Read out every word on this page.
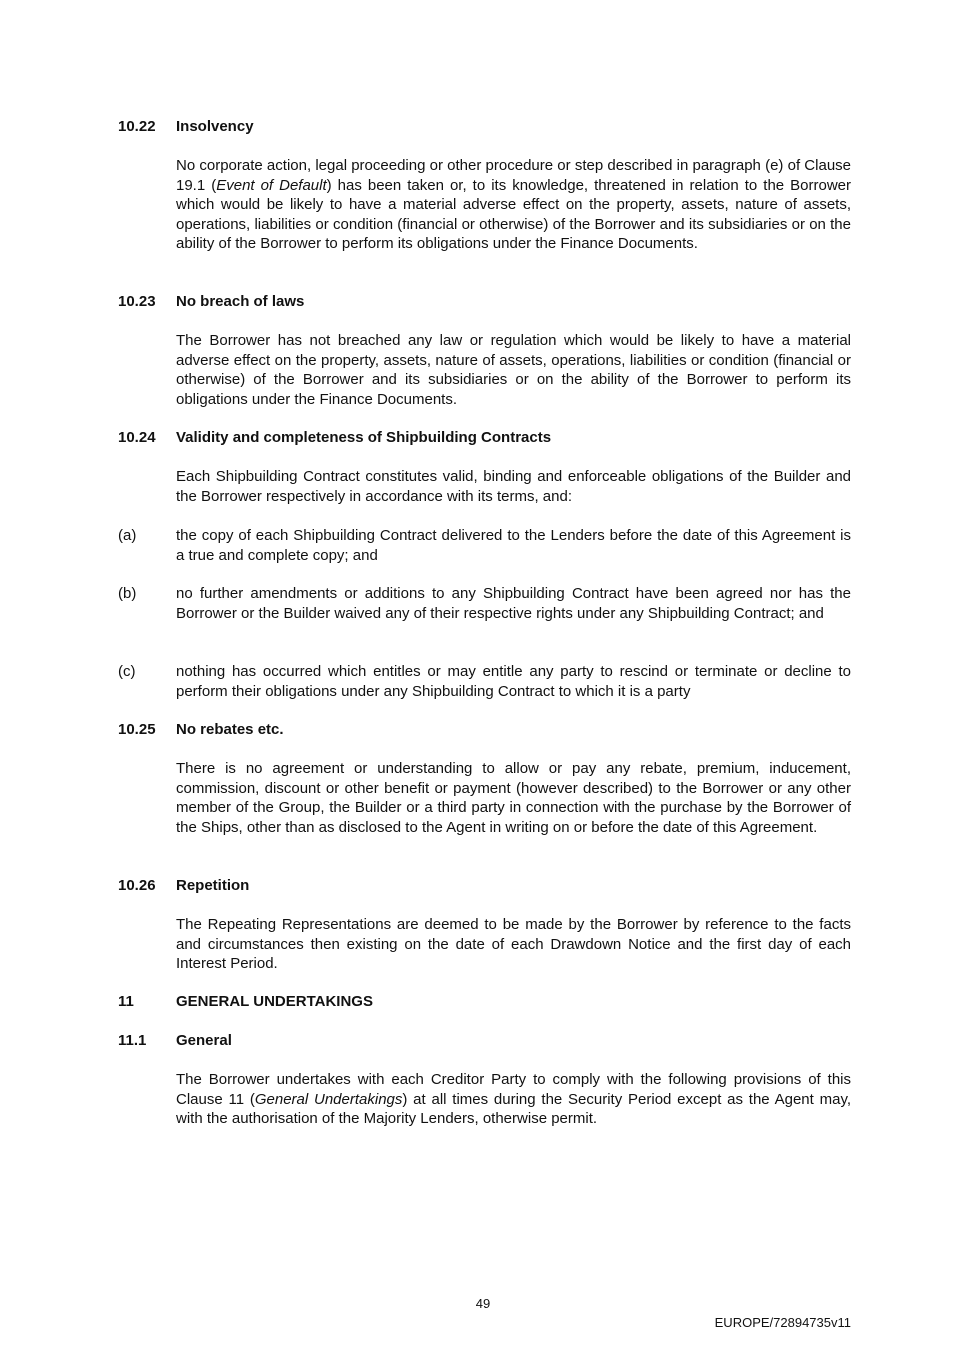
10.22	Insolvency

No corporate action, legal proceeding or other procedure or step described in paragraph (e) of Clause 19.1 (Event of Default) has been taken or, to its knowledge, threatened in relation to the Borrower which would be likely to have a material adverse effect on the property, assets, nature of assets, operations, liabilities or condition (financial or otherwise) of the Borrower and its subsidiaries or on the ability of the Borrower to perform its obligations under the Finance Documents.

10.23	No breach of laws

The Borrower has not breached any law or regulation which would be likely to have a material adverse effect on the property, assets, nature of assets, operations, liabilities or condition (financial or otherwise) of the Borrower and its subsidiaries or on the ability of the Borrower to perform its obligations under the Finance Documents.

10.24	Validity and completeness of Shipbuilding Contracts

Each Shipbuilding Contract constitutes valid, binding and enforceable obligations of the Builder and the Borrower respectively in accordance with its terms, and:

(a)	the copy of each Shipbuilding Contract delivered to the Lenders before the date of this Agreement is a true and complete copy; and
(b)	no further amendments or additions to any Shipbuilding Contract have been agreed nor has the Borrower or the Builder waived any of their respective rights under any Shipbuilding Contract; and
(c)	nothing has occurred which entitles or may entitle any party to rescind or terminate or decline to perform their obligations under any Shipbuilding Contract to which it is a party
10.25	No rebates etc.

There is no agreement or understanding to allow or pay any rebate, premium, inducement, commission, discount or other benefit or payment (however described) to the Borrower or any other member of the Group, the Builder or a third party in connection with the purchase by the Borrower of the Ships, other than as disclosed to the Agent in writing on or before the date of this Agreement.

10.26	Repetition

The Repeating Representations are deemed to be made by the Borrower by reference to the facts and circumstances then existing on the date of each Drawdown Notice and the first day of each Interest Period.

11	GENERAL UNDERTAKINGS
11.1	General

The Borrower undertakes with each Creditor Party to comply with the following provisions of this Clause 11 (General Undertakings) at all times during the Security Period except as the Agent may, with the authorisation of the Majority Lenders, otherwise permit.

49
EUROPE/72894735v11
